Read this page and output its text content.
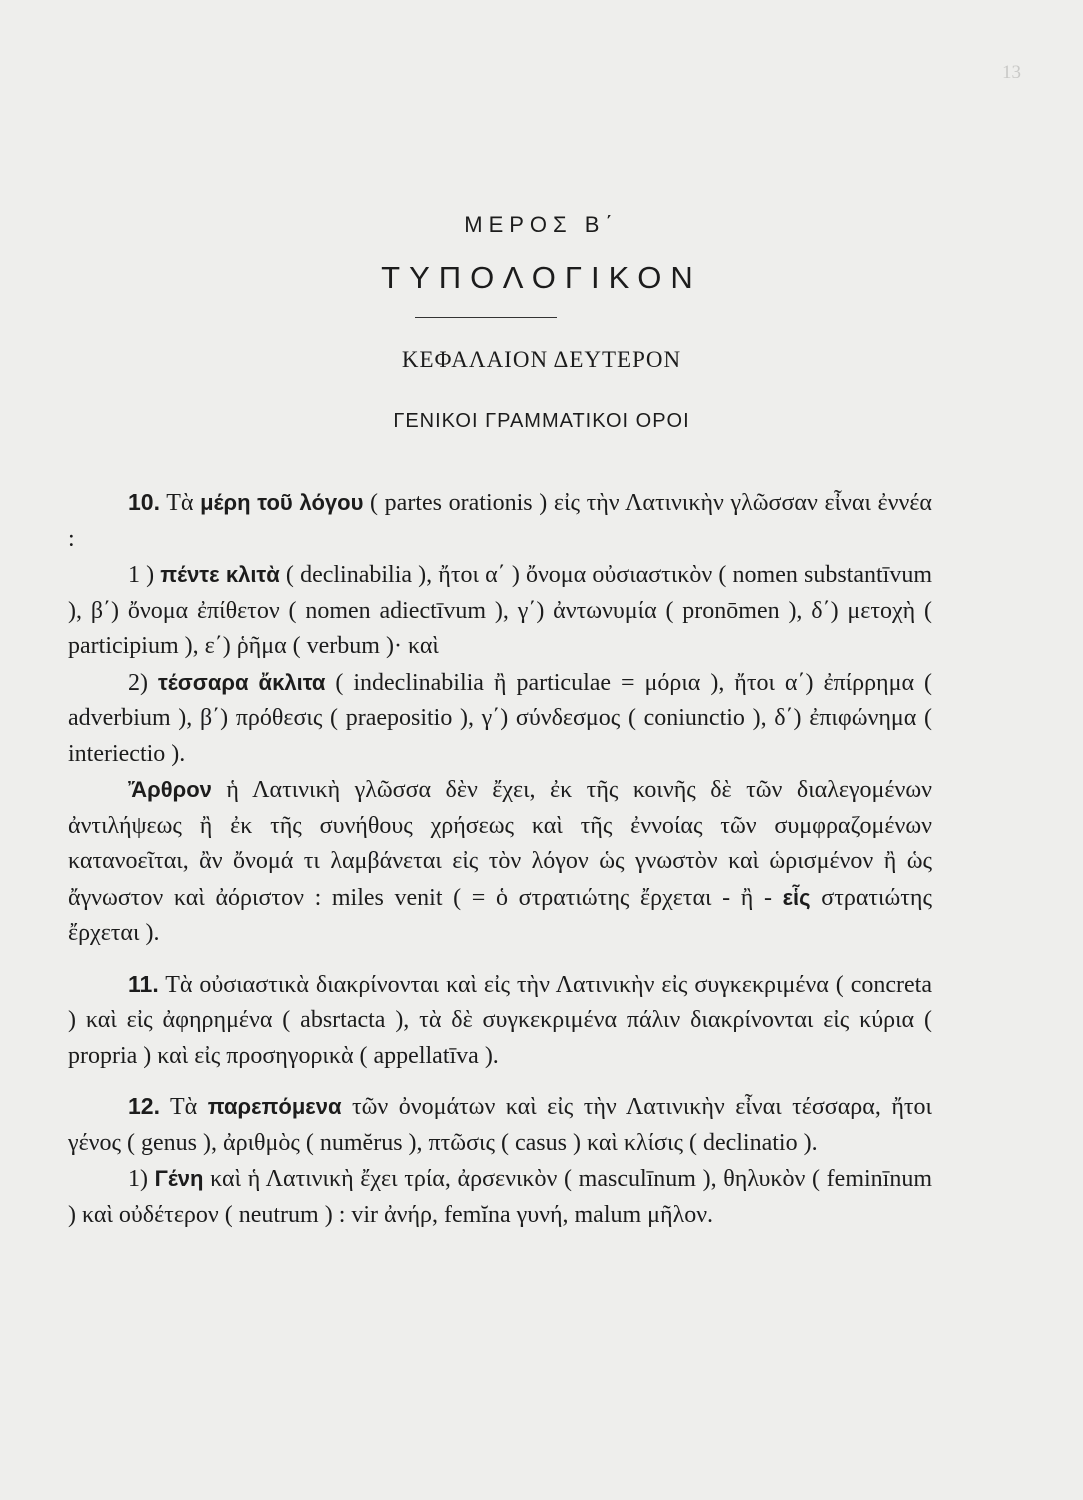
13
ΜΕΡΟΣ Β΄
ΤΥΠΟΛΟΓΙΚΟΝ
ΚΕΦΑΛΑΙΟΝ ΔΕΥΤΕΡΟΝ
ΓΕΝΙΚΟΙ ΓΡΑΜΜΑΤΙΚΟΙ ΟΡΟΙ

10. Τὰ μέρη τοῦ λόγου ( partes orationis ) εἰς τὴν Λατινικὴν γλῶσσαν εἶναι ἐννέα :

1 ) πέντε κλιτὰ ( declinabilia ), ἤτοι α΄ ) ὄνομα οὐσιαστικὸν ( nomen substantīvum ), β΄) ὄνομα ἐπίθετον ( nomen adiectīvum ), γ΄) ἀντωνυμία ( pronōmen ), δ΄) μετοχὴ ( participium ), ε΄) ῥῆμα ( verbum )· καὶ

2) τέσσαρα ἄκλιτα ( indeclinabilia ἢ particulae = μόρια ), ἤτοι α΄) ἐπίρρημα ( adverbium ), β΄) πρόθεσις ( praepositio ), γ΄) σύνδεσμος ( coniunctio ), δ΄) ἐπιφώνημα ( interiectio ).

Ἄρθρον ἡ Λατινικὴ γλῶσσα δὲν ἔχει, ἐκ τῆς κοινῆς δὲ τῶν διαλεγομένων ἀντιλήψεως ἢ ἐκ τῆς συνήθους χρήσεως καὶ τῆς ἐννοίας τῶν συμφραζομένων κατανοεῖται, ἂν ὄνομά τι λαμβάνεται εἰς τὸν λόγον ὡς γνωστὸν καὶ ὡρισμένον ἢ ὡς ἄγνωστον καὶ ἀόριστον : miles venit ( = ὁ στρατιώτης ἔρχεται - ἢ - εἷς στρατιώτης ἔρχεται ).

11. Τὰ οὐσιαστικὰ διακρίνονται καὶ εἰς τὴν Λατινικὴν εἰς συγκεκριμένα ( concreta ) καὶ εἰς ἀφηρημένα ( absrtacta ), τὰ δὲ συγκεκριμένα πάλιν διακρίνονται εἰς κύρια ( propria ) καὶ εἰς προσηγορικὰ ( appellatīva ).

12. Τὰ παρεπόμενα τῶν ὀνομάτων καὶ εἰς τὴν Λατινικὴν εἶναι τέσσαρα, ἤτοι γένος ( genus ), ἀριθμὸς ( numĕrus ), πτῶσις ( casus ) καὶ κλίσις ( declinatio ).

1) Γένη καὶ ἡ Λατινικὴ ἔχει τρία, ἀρσενικὸν ( masculīnum ), θηλυκὸν ( feminīnum ) καὶ οὐδέτερον ( neutrum ) : vir ἀνήρ, femĭna γυνή, malum μῆλον.
